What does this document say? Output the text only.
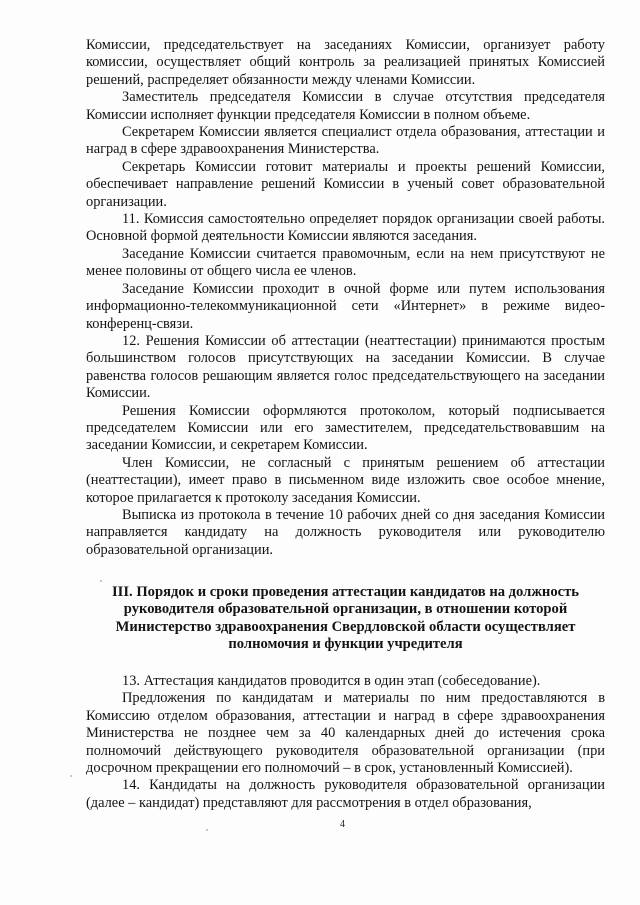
Комиссии, председательствует на заседаниях Комиссии, организует работу комиссии, осуществляет общий контроль за реализацией принятых Комиссией решений, распределяет обязанности между членами Комиссии.

Заместитель председателя Комиссии в случае отсутствия председателя Комиссии исполняет функции председателя Комиссии в полном объеме.

Секретарем Комиссии является специалист отдела образования, аттестации и наград в сфере здравоохранения Министерства.

Секретарь Комиссии готовит материалы и проекты решений Комиссии, обеспечивает направление решений Комиссии в ученый совет образовательной организации.

11. Комиссия самостоятельно определяет порядок организации своей работы. Основной формой деятельности Комиссии являются заседания.

Заседание Комиссии считается правомочным, если на нем присутствуют не менее половины от общего числа ее членов.

Заседание Комиссии проходит в очной форме или путем использования информационно-телекоммуникационной сети «Интернет» в режиме видео-конференц-связи.

12. Решения Комиссии об аттестации (неаттестации) принимаются простым большинством голосов присутствующих на заседании Комиссии. В случае равенства голосов решающим является голос председательствующего на заседании Комиссии.

Решения Комиссии оформляются протоколом, который подписывается председателем Комиссии или его заместителем, председательствовавшим на заседании Комиссии, и секретарем Комиссии.

Член Комиссии, не согласный с принятым решением об аттестации (неаттестации), имеет право в письменном виде изложить свое особое мнение, которое прилагается к протоколу заседания Комиссии.

Выписка из протокола в течение 10 рабочих дней со дня заседания Комиссии направляется кандидату на должность руководителя или руководителю образовательной организации.

III. Порядок и сроки проведения аттестации кандидатов на должность руководителя образовательной организации, в отношении которой Министерство здравоохранения Свердловской области осуществляет полномочия и функции учредителя

13. Аттестация кандидатов проводится в один этап (собеседование).

Предложения по кандидатам и материалы по ним предоставляются в Комиссию отделом образования, аттестации и наград в сфере здравоохранения Министерства не позднее чем за 40 календарных дней до истечения срока полномочий действующего руководителя образовательной организации (при досрочном прекращении его полномочий – в срок, установленный Комиссией).

14. Кандидаты на должность руководителя образовательной организации (далее – кандидат) представляют для рассмотрения в отдел образования,

4
